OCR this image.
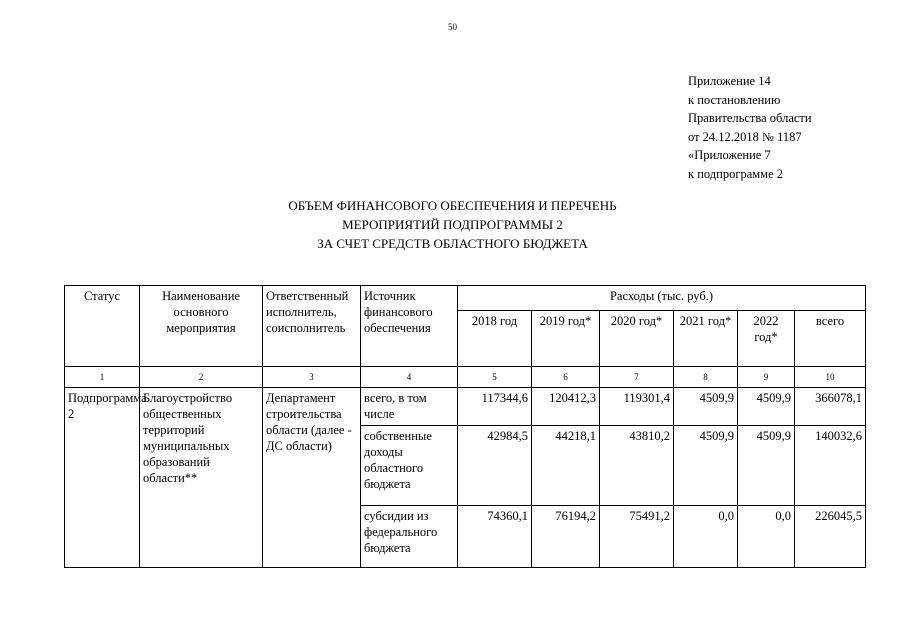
50
Приложение 14
к постановлению
Правительства области
от 24.12.2018 № 1187
«Приложение 7
к подпрограмме 2
ОБЪЕМ ФИНАНСОВОГО ОБЕСПЕЧЕНИЯ И ПЕРЕЧЕНЬ
МЕРОПРИЯТИЙ ПОДПРОГРАММЫ 2
ЗА СЧЕТ СРЕДСТВ ОБЛАСТНОГО БЮДЖЕТА
Статус	Наименование основного мероприятия	Ответственный исполнитель, соисполнитель	Источник финансового обеспечения	Расходы (тыс. руб.)					
				2018 год	2019 год*	2020 год*	2021 год*	2022 год*	всего
1	2	3	4	5	6	7	8	9	10
Подпрограмма 2	Благоустройство общественных территорий муниципальных образований области**	Департамент строительства области (далее - ДС области)	всего, в том числе	117344,6	120412,3	119301,4	4509,9	4509,9	366078,1
			собственные доходы областного бюджета	42984,5	44218,1	43810,2	4509,9	4509,9	140032,6
			субсидии из федерального бюджета	74360,1	76194,2	75491,2	0,0	0,0	226045,5
